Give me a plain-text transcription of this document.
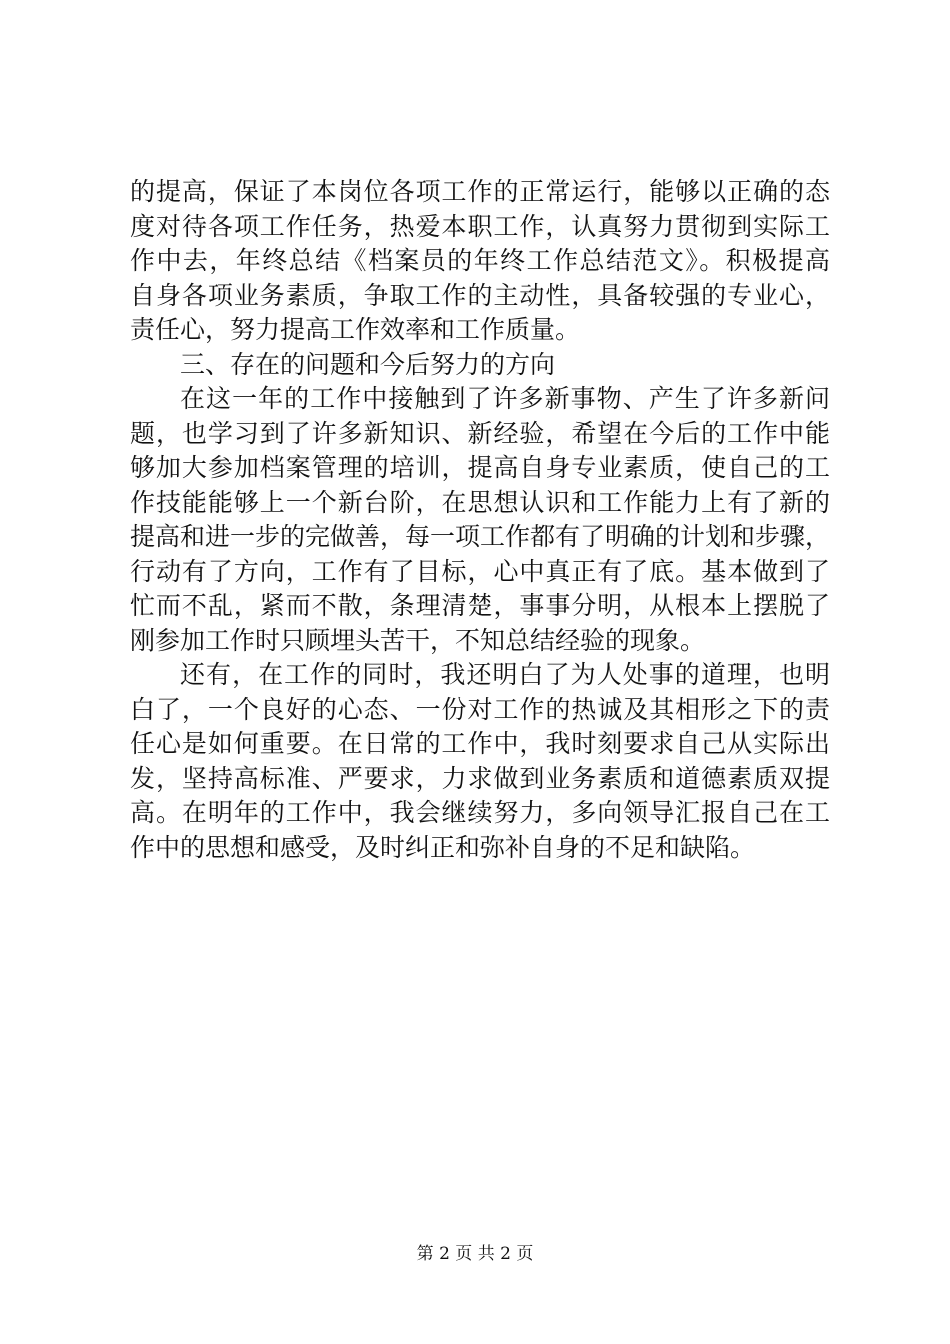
的提高，保证了本岗位各项工作的正常运行，能够以正确的态
度对待各项工作任务，热爱本职工作，认真努力贯彻到实际工
作中去，年终总结《档案员的年终工作总结范文》。积极提高
自身各项业务素质，争取工作的主动性，具备较强的专业心，
责任心，努力提高工作效率和工作质量。
三、存在的问题和今后努力的方向
在这一年的工作中接触到了许多新事物、产生了许多新问
题，也学习到了许多新知识、新经验，希望在今后的工作中能
够加大参加档案管理的培训，提高自身专业素质，使自己的工
作技能能够上一个新台阶，在思想认识和工作能力上有了新的
提高和进一步的完做善，每一项工作都有了明确的计划和步骤，
行动有了方向，工作有了目标，心中真正有了底。基本做到了
忙而不乱，紧而不散，条理清楚，事事分明，从根本上摆脱了
刚参加工作时只顾埋头苦干，不知总结经验的现象。
还有，在工作的同时，我还明白了为人处事的道理，也明
白了，一个良好的心态、一份对工作的热诚及其相形之下的责
任心是如何重要。在日常的工作中，我时刻要求自己从实际出
发，坚持高标准、严要求，力求做到业务素质和道德素质双提
高。在明年的工作中，我会继续努力，多向领导汇报自己在工
作中的思想和感受，及时纠正和弥补自身的不足和缺陷。
第 2 页 共 2 页
